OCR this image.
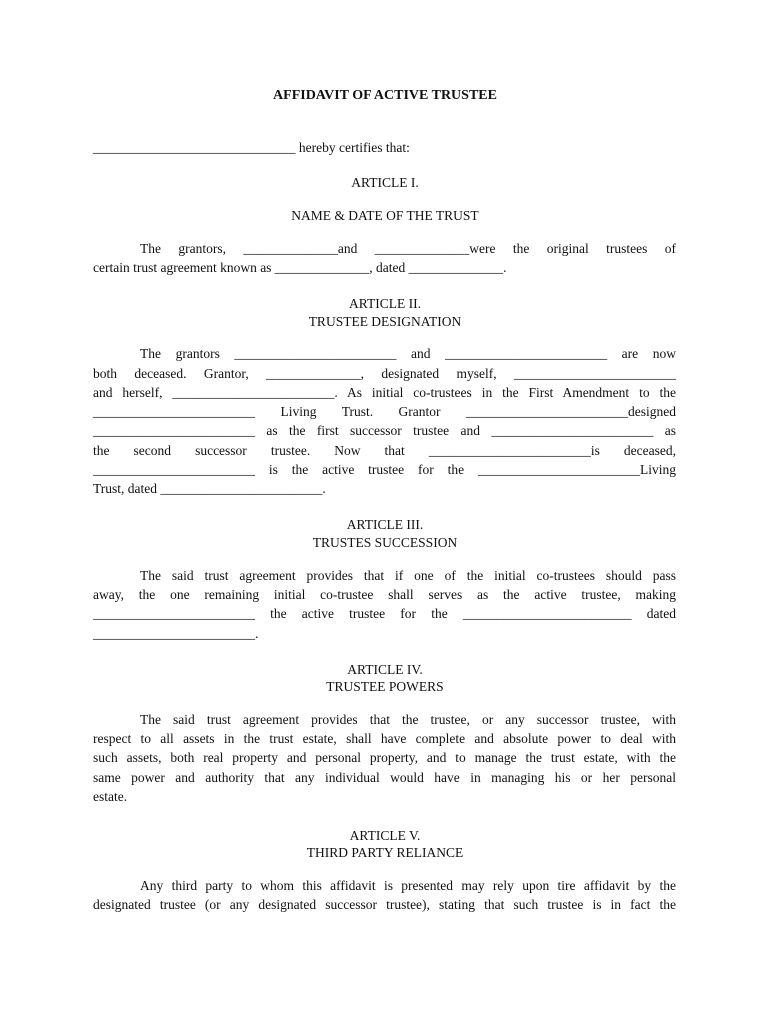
AFFIDAVIT OF ACTIVE TRUSTEE
______________________________ hereby certifies that:
ARTICLE I.
NAME & DATE OF THE TRUST
The grantors, ______________and ______________were the original trustees of
certain trust agreement known as ______________, dated ______________.
ARTICLE II.
TRUSTEE DESIGNATION
The grantors ________________________ and ________________________ are now
both deceased. Grantor, ______________, designated myself, ________________________
and herself, ________________________. As initial co-trustees in the First Amendment to the
________________________ Living Trust. Grantor ________________________designed
________________________ as the first successor trustee and ________________________ as
the second successor trustee. Now that ________________________is deceased,
________________________ is the active trustee for the ________________________Living
Trust, dated ________________________.
ARTICLE III.
TRUSTES SUCCESSION
The said trust agreement provides that if one of the initial co-trustees should pass
away, the one remaining initial co-trustee shall serves as the active trustee, making
________________________ the active trustee for the _________________________ dated
________________________.
ARTICLE IV.
TRUSTEE POWERS
The said trust agreement provides that the trustee, or any successor trustee, with
respect to all assets in the trust estate, shall have complete and absolute power to deal with
such assets, both real property and personal property, and to manage the trust estate, with the
same power and authority that any individual would have in managing his or her personal
estate.
ARTICLE V.
THIRD PARTY RELIANCE
Any third party to whom this affidavit is presented may rely upon tire affidavit by the
designated trustee (or any designated successor trustee), stating that such trustee is in fact the
